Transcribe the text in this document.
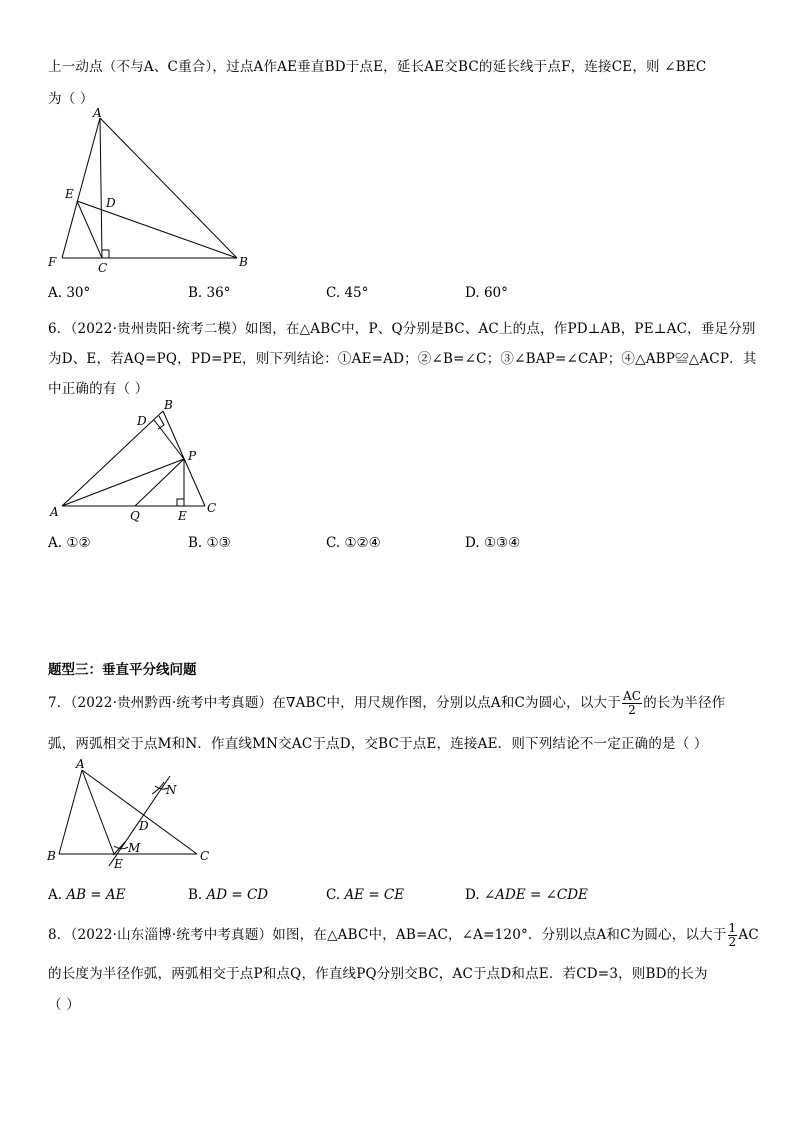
上一动点（不与A、C重合），过点A作AE垂直BD于点E，延长AE交BC的延长线于点F，连接CE，则 ∠BEC
为（ ）
A
E
D
F	C	B
A. 30°	B. 36°	C. 45°	D. 60°
6．（2022·贵州贵阳·统考二模）如图，在△ABC中，P、Q分别是BC、AC上的点，作PD⊥AB，PE⊥AC，垂足分别
为D、E，若AQ=PQ，PD=PE，则下列结论：①AE=AD；②∠B=∠C；③∠BAP=∠CAP；④△ABP≌△ACP．其
中正确的有（ ）
B
D
P
A	Q	E
C
A. ①②	B. ①③	C. ①②④	D. ①③④
题型三：垂直平分线问题
7．（2022·贵州黔西·统考中考真题）在∇ABC中，用尺规作图，分别以点A和C为圆心，以大于 $\frac{AC}{2}$ 的长为半径作
弧，两弧相交于点M和N．作直线MN交AC于点D，交BC于点E，连接AE．则下列结论不一定正确的是（ ）
A
N
D
M
B
E
C
A. AB = AE	B. AD = CD	C. AE = CE	D. ∠ADE = ∠CDE
8．（2022·山东淄博·统考中考真题）如图，在△ABC中，AB=AC，∠A=120°．分别以点A和C为圆心，以大于 $\frac{1}{2}$ AC
的长度为半径作弧，两弧相交于点P和点Q，作直线PQ分别交BC，AC于点D和点E．若CD=3，则BD的长为
（ ）
